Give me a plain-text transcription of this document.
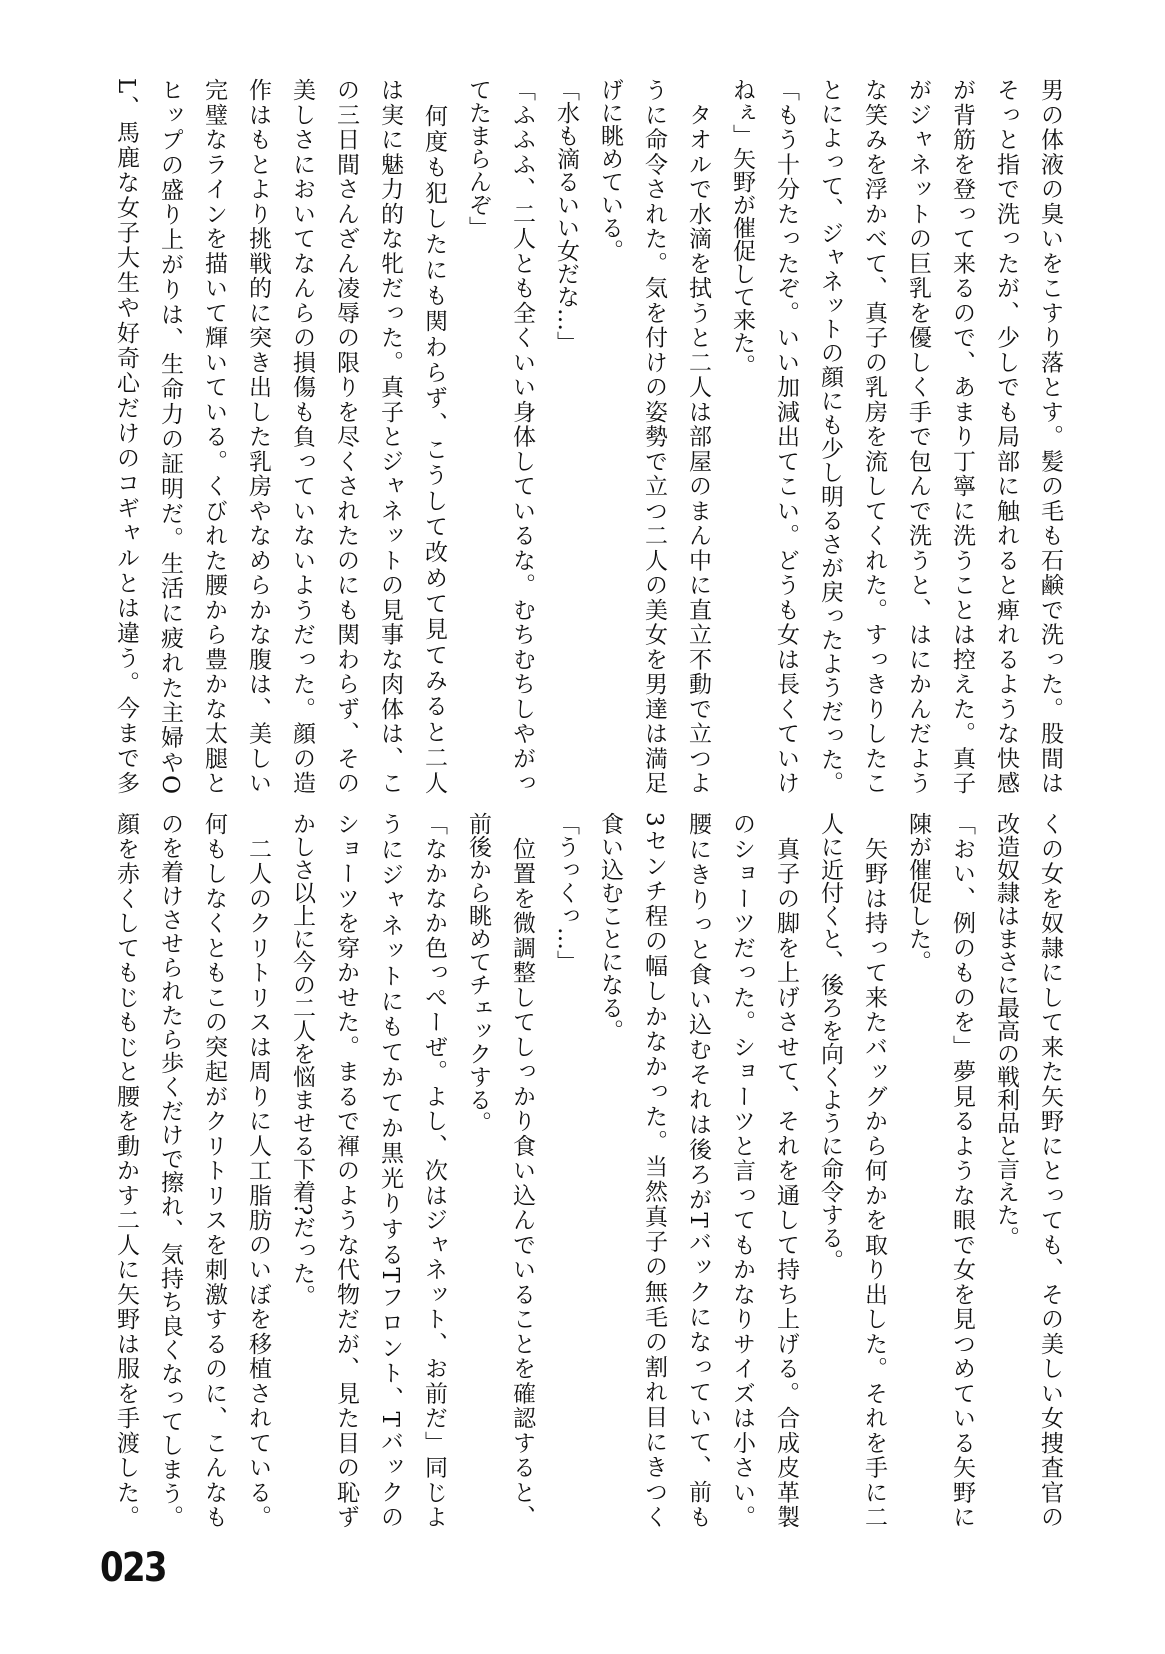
男の体液の臭いをこすり落とす。髪の毛も石鹸で洗った。股間は
そっと指で洗ったが、少しでも局部に触れると痺れるような快感
が背筋を登って来るので、あまり丁寧に洗うことは控えた。真子
がジャネットの巨乳を優しく手で包んで洗うと、はにかんだよう
な笑みを浮かべて、真子の乳房を流してくれた。すっきりしたこ
とによって、ジャネットの顔にも少し明るさが戻ったようだった。
「もう十分たったぞ。いい加減出てこい。どうも女は長くていけ
ねぇ」矢野が催促して来た。
　タオルで水滴を拭うと二人は部屋のまん中に直立不動で立つよ
うに命令された。気を付けの姿勢で立つ二人の美女を男達は満足
げに眺めている。
「水も滴るいい女だな…」
「ふふふ、二人とも全くいい身体しているな。むちむちしやがっ
てたまらんぞ」
　何度も犯したにも関わらず、こうして改めて見てみると二人
は実に魅力的な牝だった。真子とジャネットの見事な肉体は、こ
の三日間さんざん凌辱の限りを尽くされたのにも関わらず、その
美しさにおいてなんらの損傷も負っていないようだった。顔の造
作はもとより挑戦的に突き出した乳房やなめらかな腹は、美しい
完璧なラインを描いて輝いている。くびれた腰から豊かな太腿と
ヒップの盛り上がりは、生命力の証明だ。生活に疲れた主婦やO
L、馬鹿な女子大生や好奇心だけのコギャルとは違う。今まで多
くの女を奴隷にして来た矢野にとっても、その美しい女捜査官の
改造奴隷はまさに最高の戦利品と言えた。
「おい、例のものを」夢見るような眼で女を見つめている矢野に
陳が催促した。
　矢野は持って来たバッグから何かを取り出した。それを手に二
人に近付くと、後ろを向くように命令する。
　真子の脚を上げさせて、それを通して持ち上げる。合成皮革製
のショーツだった。ショーツと言ってもかなりサイズは小さい。
腰にきりっと食い込むそれは後ろがTバックになっていて、前も
3センチ程の幅しかなかった。当然真子の無毛の割れ目にきつく
食い込むことになる。
「うっくっ…」
　位置を微調整してしっかり食い込んでいることを確認すると、
前後から眺めてチェックする。
「なかなか色っぺーぜ。よし、次はジャネット、お前だ」同じよ
うにジャネットにもてかてか黒光りするTフロント、Tバックの
ショーツを穿かせた。まるで褌のような代物だが、見た目の恥ず
かしさ以上に今の二人を悩ませる下着?だった。
　二人のクリトリスは周りに人工脂肪のいぼを移植されている。
何もしなくともこの突起がクリトリスを刺激するのに、こんなも
のを着けさせられたら歩くだけで擦れ、気持ち良くなってしまう。
顔を赤くしてもじもじと腰を動かす二人に矢野は服を手渡した。
023
